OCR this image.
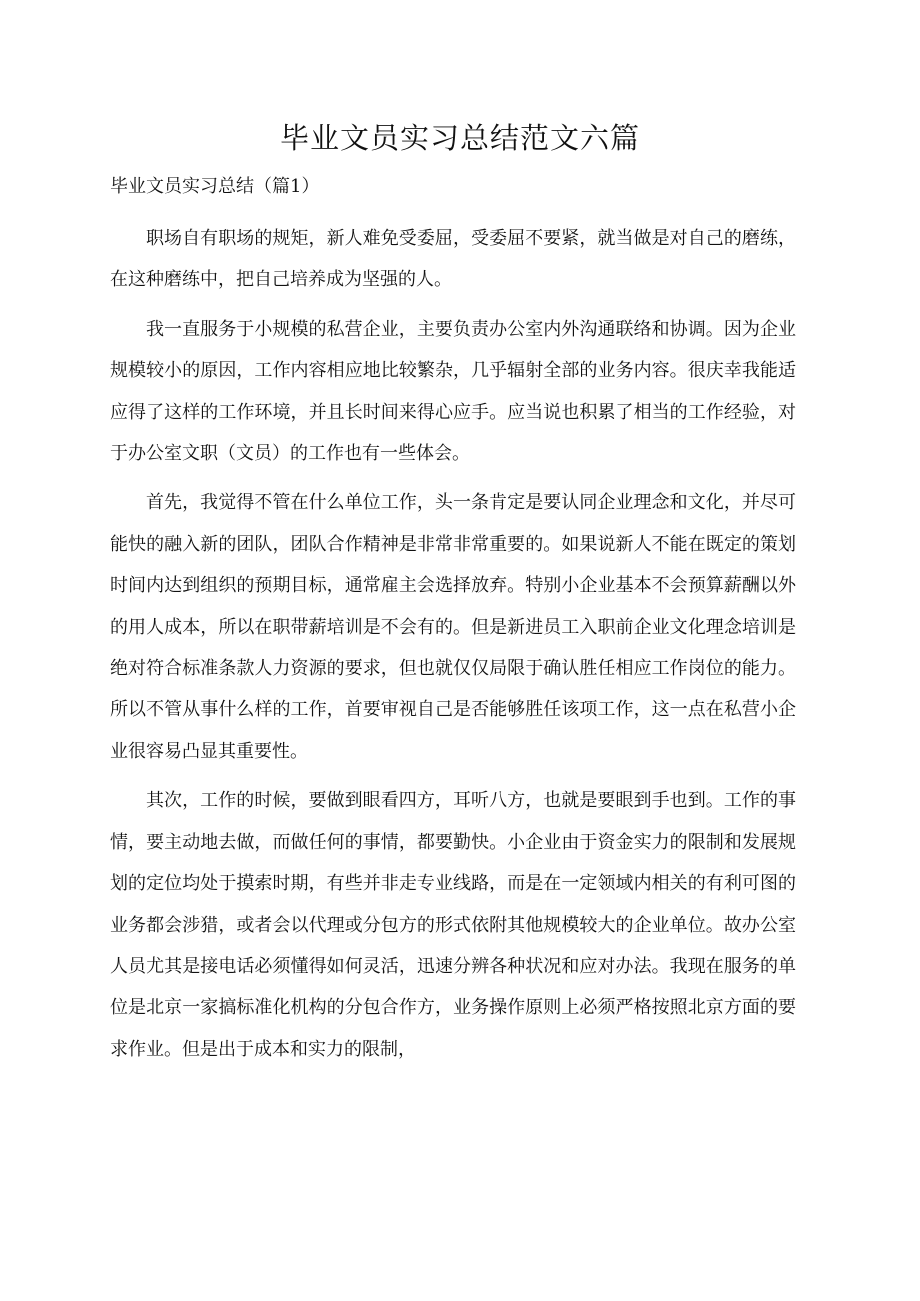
毕业文员实习总结范文六篇
毕业文员实习总结（篇1）

职场自有职场的规矩，新人难免受委屈，受委屈不要紧，就当做是对自己的磨练，在这种磨练中，把自己培养成为坚强的人。

我一直服务于小规模的私营企业，主要负责办公室内外沟通联络和协调。因为企业规模较小的原因，工作内容相应地比较繁杂，几乎辐射全部的业务内容。很庆幸我能适应得了这样的工作环境，并且长时间来得心应手。应当说也积累了相当的工作经验，对于办公室文职（文员）的工作也有一些体会。

首先，我觉得不管在什么单位工作，头一条肯定是要认同企业理念和文化，并尽可能快的融入新的团队，团队合作精神是非常非常重要的。如果说新人不能在既定的策划时间内达到组织的预期目标，通常雇主会选择放弃。特别小企业基本不会预算薪酬以外的用人成本，所以在职带薪培训是不会有的。但是新进员工入职前企业文化理念培训是绝对符合标准条款人力资源的要求，但也就仅仅局限于确认胜任相应工作岗位的能力。所以不管从事什么样的工作，首要审视自己是否能够胜任该项工作，这一点在私营小企业很容易凸显其重要性。

其次，工作的时候，要做到眼看四方，耳听八方，也就是要眼到手也到。工作的事情，要主动地去做，而做任何的事情，都要勤快。小企业由于资金实力的限制和发展规划的定位均处于摸索时期，有些并非走专业线路，而是在一定领域内相关的有利可图的业务都会涉猎，或者会以代理或分包方的形式依附其他规模较大的企业单位。故办公室人员尤其是接电话必须懂得如何灵活，迅速分辨各种状况和应对办法。我现在服务的单位是北京一家搞标准化机构的分包合作方，业务操作原则上必须严格按照北京方面的要求作业。但是出于成本和实力的限制，
